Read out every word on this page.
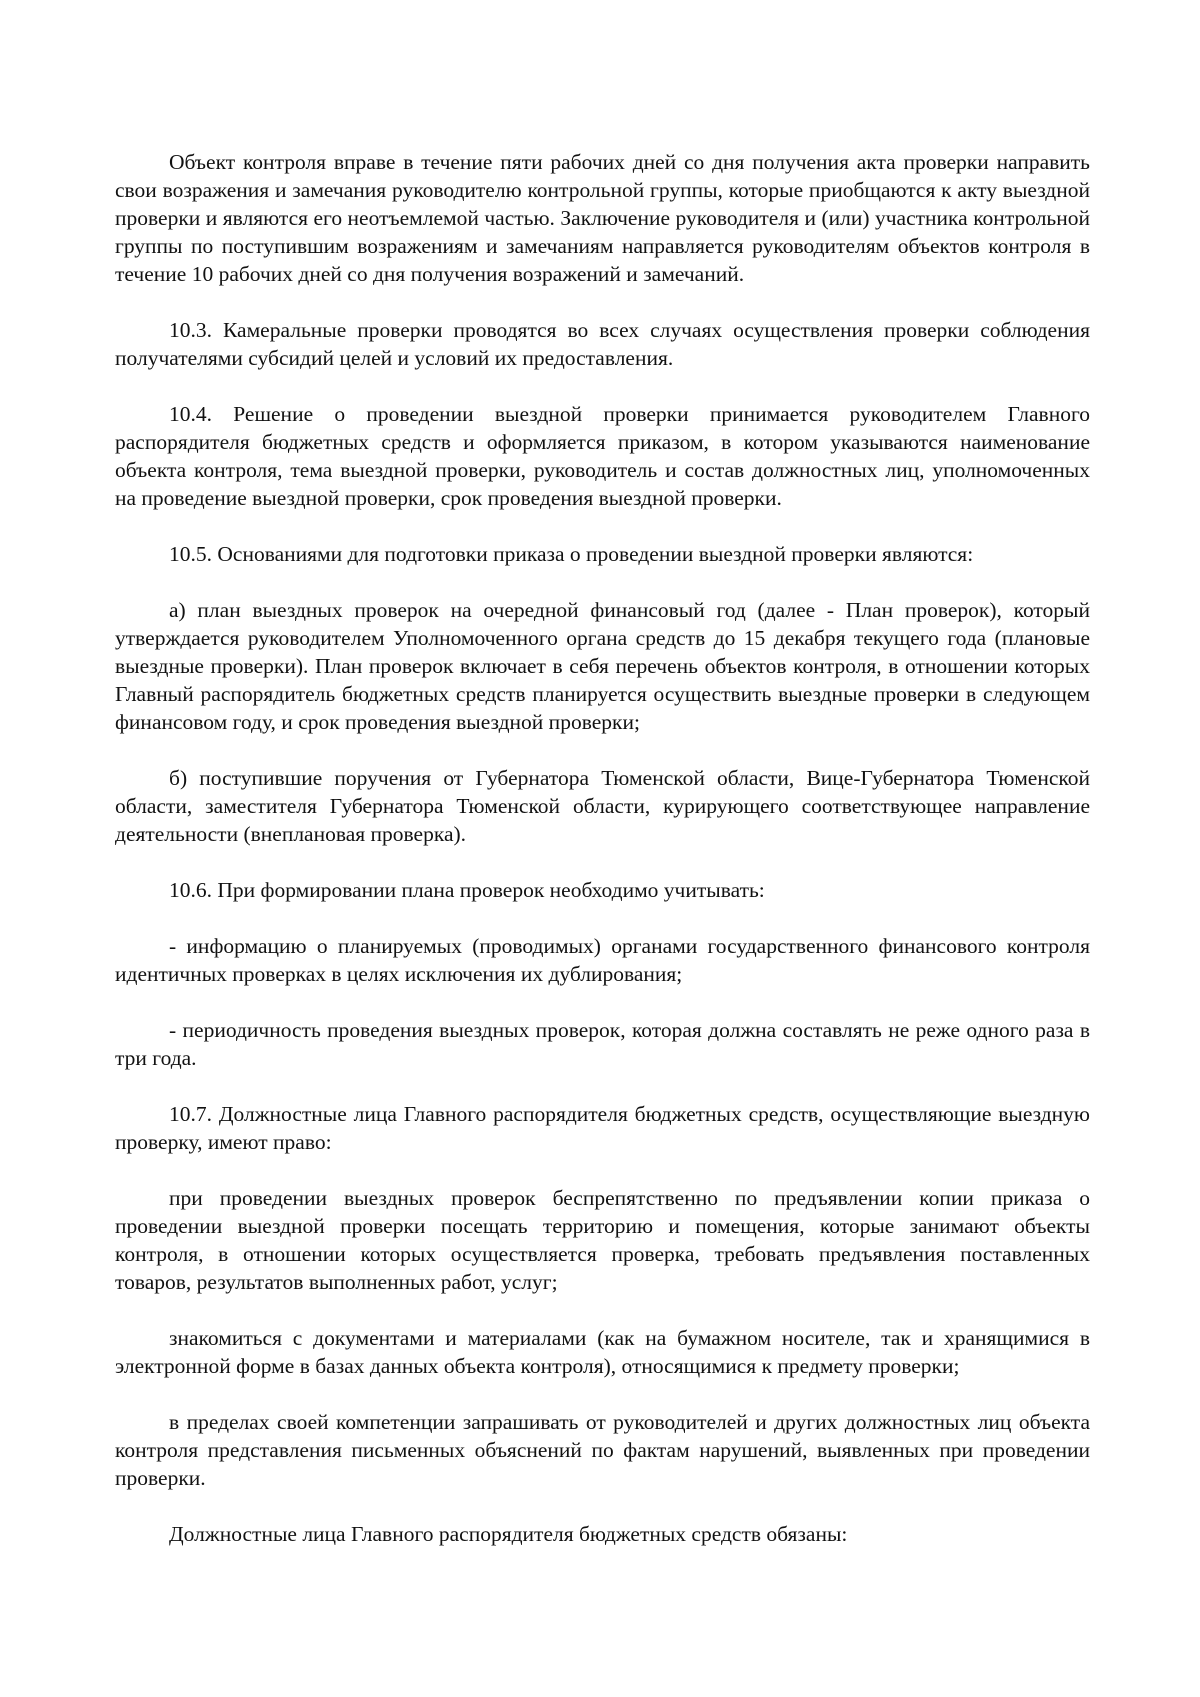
Объект контроля вправе в течение пяти рабочих дней со дня получения акта проверки направить свои возражения и замечания руководителю контрольной группы, которые приобщаются к акту выездной проверки и являются его неотъемлемой частью. Заключение руководителя и (или) участника контрольной группы по поступившим возражениям и замечаниям направляется руководителям объектов контроля в течение 10 рабочих дней со дня получения возражений и замечаний.

10.3. Камеральные проверки проводятся во всех случаях осуществления проверки соблюдения получателями субсидий целей и условий их предоставления.

10.4. Решение о проведении выездной проверки принимается руководителем Главного распорядителя бюджетных средств и оформляется приказом, в котором указываются наименование объекта контроля, тема выездной проверки, руководитель и состав должностных лиц, уполномоченных на проведение выездной проверки, срок проведения выездной проверки.

10.5. Основаниями для подготовки приказа о проведении выездной проверки являются:

а) план выездных проверок на очередной финансовый год (далее - План проверок), который утверждается руководителем Уполномоченного органа средств до 15 декабря текущего года (плановые выездные проверки). План проверок включает в себя перечень объектов контроля, в отношении которых Главный распорядитель бюджетных средств планируется осуществить выездные проверки в следующем финансовом году, и срок проведения выездной проверки;

б) поступившие поручения от Губернатора Тюменской области, Вице-Губернатора Тюменской области, заместителя Губернатора Тюменской области, курирующего соответствующее направление деятельности (внеплановая проверка).

10.6. При формировании плана проверок необходимо учитывать:

- информацию о планируемых (проводимых) органами государственного финансового контроля идентичных проверках в целях исключения их дублирования;

- периодичность проведения выездных проверок, которая должна составлять не реже одного раза в три года.

10.7. Должностные лица Главного распорядителя бюджетных средств, осуществляющие выездную проверку, имеют право:

при проведении выездных проверок беспрепятственно по предъявлении копии приказа о проведении выездной проверки посещать территорию и помещения, которые занимают объекты контроля, в отношении которых осуществляется проверка, требовать предъявления поставленных товаров, результатов выполненных работ, услуг;

знакомиться с документами и материалами (как на бумажном носителе, так и хранящимися в электронной форме в базах данных объекта контроля), относящимися к предмету проверки;

в пределах своей компетенции запрашивать от руководителей и других должностных лиц объекта контроля представления письменных объяснений по фактам нарушений, выявленных при проведении проверки.

Должностные лица Главного распорядителя бюджетных средств обязаны:
